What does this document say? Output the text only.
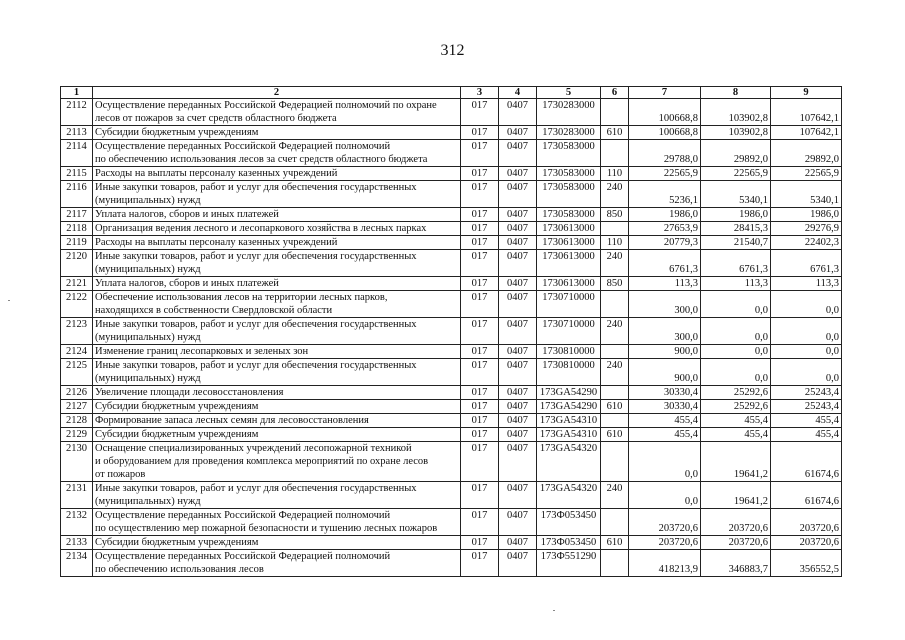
312
1	2	3	4	5	6	7	8	9
2112	Осуществление переданных Российской Федерацией полномочий по охране
лесов от пожаров за счет средств областного бюджета	017	0407	1730283000		100668,8	103902,8	107642,1
2113	Субсидии бюджетным учреждениям	017	0407	1730283000	610	100668,8	103902,8	107642,1
2114	Осуществление переданных Российской Федерацией полномочий
по обеспечению использования лесов за счет средств областного бюджета	017	0407	1730583000		29788,0	29892,0	29892,0
2115	Расходы на выплаты персоналу казенных учреждений	017	0407	1730583000	110	22565,9	22565,9	22565,9
2116	Иные закупки товаров, работ и услуг для обеспечения государственных
(муниципальных) нужд	017	0407	1730583000	240	5236,1	5340,1	5340,1
2117	Уплата налогов, сборов и иных платежей	017	0407	1730583000	850	1986,0	1986,0	1986,0
2118	Организация ведения лесного и лесопаркового хозяйства в лесных парках	017	0407	1730613000		27653,9	28415,3	29276,9
2119	Расходы на выплаты персоналу казенных учреждений	017	0407	1730613000	110	20779,3	21540,7	22402,3
2120	Иные закупки товаров, работ и услуг для обеспечения государственных
(муниципальных) нужд	017	0407	1730613000	240	6761,3	6761,3	6761,3
2121	Уплата налогов, сборов и иных платежей	017	0407	1730613000	850	113,3	113,3	113,3
2122	Обеспечение использования лесов на территории лесных парков,
находящихся в собственности Свердловской области	017	0407	1730710000		300,0	0,0	0,0
2123	Иные закупки товаров, работ и услуг для обеспечения государственных
(муниципальных) нужд	017	0407	1730710000	240	300,0	0,0	0,0
2124	Изменение границ лесопарковых и зеленых зон	017	0407	1730810000		900,0	0,0	0,0
2125	Иные закупки товаров, работ и услуг для обеспечения государственных
(муниципальных) нужд	017	0407	1730810000	240	900,0	0,0	0,0
2126	Увеличение площади лесовосстановления	017	0407	173GA54290		30330,4	25292,6	25243,4
2127	Субсидии бюджетным учреждениям	017	0407	173GA54290	610	30330,4	25292,6	25243,4
2128	Формирование запаса лесных семян для лесовосстановления	017	0407	173GA54310		455,4	455,4	455,4
2129	Субсидии бюджетным учреждениям	017	0407	173GA54310	610	455,4	455,4	455,4
2130	Оснащение специализированных учреждений лесопожарной техникой
и оборудованием для проведения комплекса мероприятий по охране лесов
от пожаров	017	0407	173GA54320		0,0	19641,2	61674,6
2131	Иные закупки товаров, работ и услуг для обеспечения государственных
(муниципальных) нужд	017	0407	173GA54320	240	0,0	19641,2	61674,6
2132	Осуществление переданных Российской Федерацией полномочий
по осуществлению мер пожарной безопасности и тушению лесных пожаров	017	0407	173Ф053450		203720,6	203720,6	203720,6
2133	Субсидии бюджетным учреждениям	017	0407	173Ф053450	610	203720,6	203720,6	203720,6
2134	Осуществление переданных Российской Федерацией полномочий
по обеспечению использования лесов	017	0407	173Ф551290		418213,9	346883,7	356552,5
